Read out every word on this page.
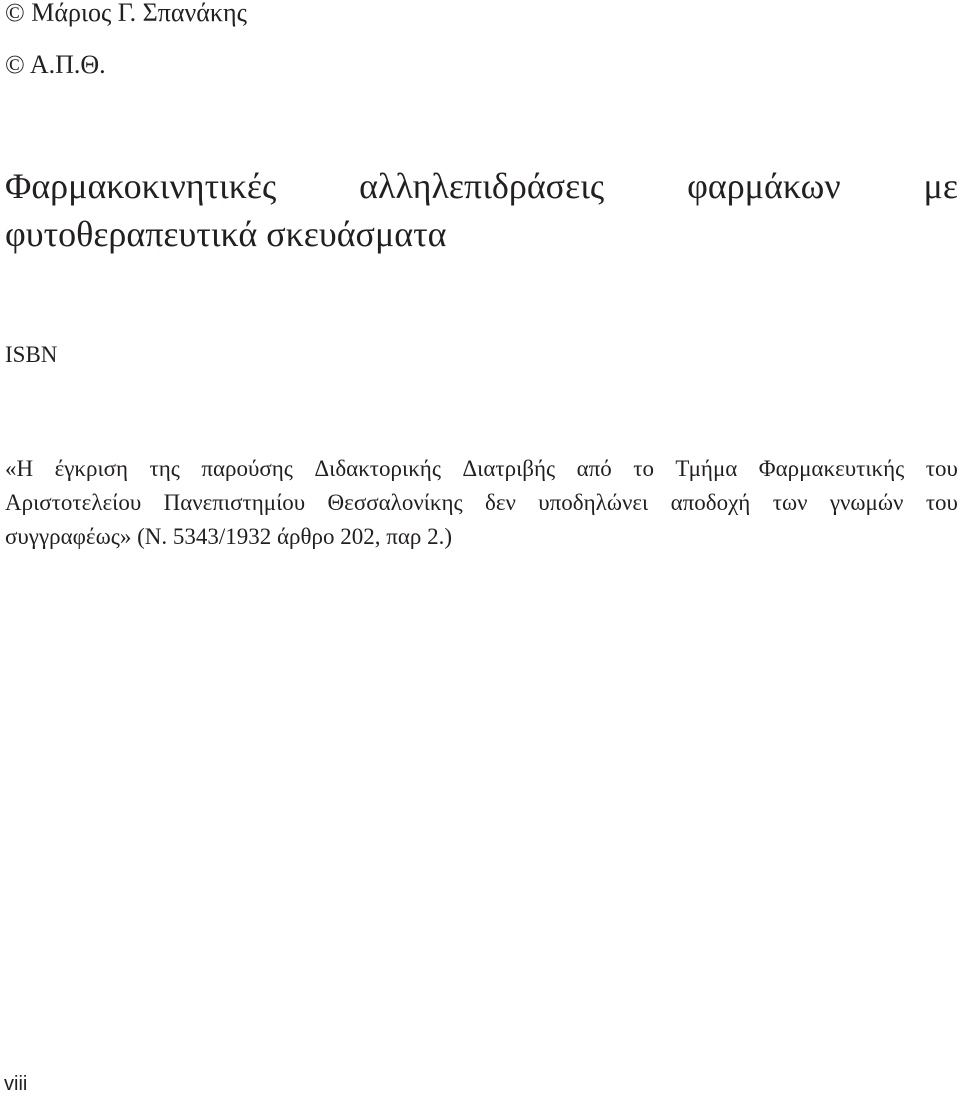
© Μάριος Γ. Σπανάκης

© Α.Π.Θ.

Φαρμακοκινητικές αλληλεπιδράσεις φαρμάκων με
φυτοθεραπευτικά σκευάσματα

ISBN

«Η έγκριση της παρούσης Διδακτορικής Διατριβής από το Τμήμα Φαρμακευτικής του
Αριστοτελείου Πανεπιστημίου Θεσσαλονίκης δεν υποδηλώνει αποδοχή των γνωμών του
συγγραφέως» (Ν. 5343/1932 άρθρο 202, παρ 2.)
viii
